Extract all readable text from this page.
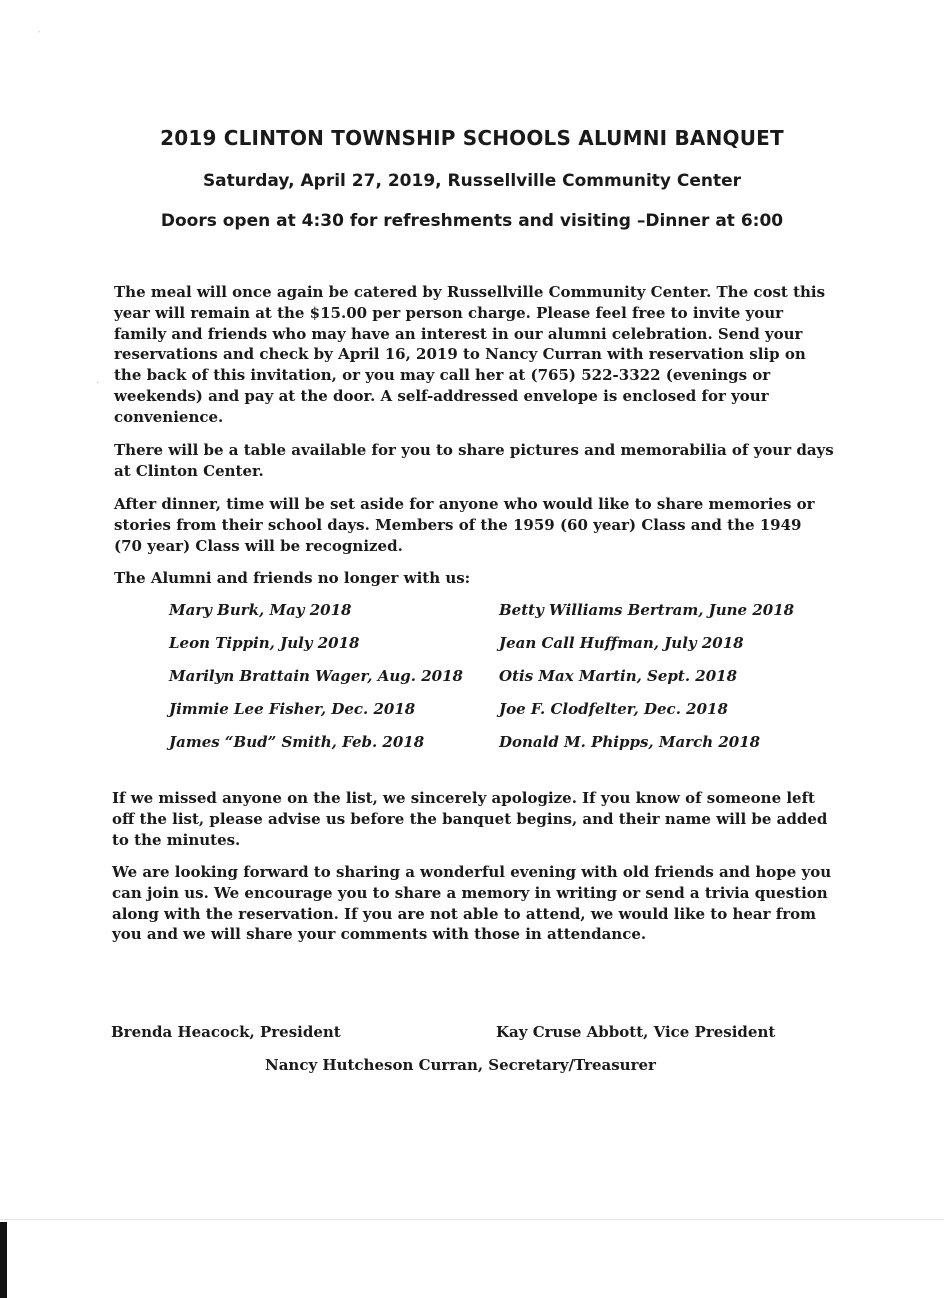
′
·
2019 CLINTON TOWNSHIP SCHOOLS ALUMNI BANQUET
Saturday, April 27, 2019, Russellville Community Center
Doors open at 4:30 for refreshments and visiting –Dinner at 6:00

The meal will once again be catered by Russellville Community Center. The cost this year will remain at the $15.00 per person charge. Please feel free to invite your family and friends who may have an interest in our alumni celebration. Send your reservations and check by April 16, 2019 to Nancy Curran with reservation slip on the back of this invitation, or you may call her at (765) 522-3322 (evenings or weekends) and pay at the door. A self-addressed envelope is enclosed for your convenience.

There will be a table available for you to share pictures and memorabilia of your days at Clinton Center.

After dinner, time will be set aside for anyone who would like to share memories or stories from their school days. Members of the 1959 (60 year) Class and the 1949 (70 year) Class will be recognized.

The Alumni and friends no longer with us:

Mary Burk, May 2018
Leon Tippin, July 2018
Marilyn Brattain Wager, Aug. 2018
Jimmie Lee Fisher, Dec. 2018
James “Bud” Smith, Feb. 2018
Betty Williams Bertram, June 2018
Jean Call Huffman, July 2018
Otis Max Martin, Sept. 2018
Joe F. Clodfelter, Dec. 2018
Donald M. Phipps, March 2018

If we missed anyone on the list, we sincerely apologize. If you know of someone left off the list, please advise us before the banquet begins, and their name will be added to the minutes.

We are looking forward to sharing a wonderful evening with old friends and hope you can join us. We encourage you to share a memory in writing or send a trivia question along with the reservation. If you are not able to attend, we would like to hear from you and we will share your comments with those in attendance.

Brenda Heacock, President	Kay Cruse Abbott, Vice President
Nancy Hutcheson Curran, Secretary/Treasurer
